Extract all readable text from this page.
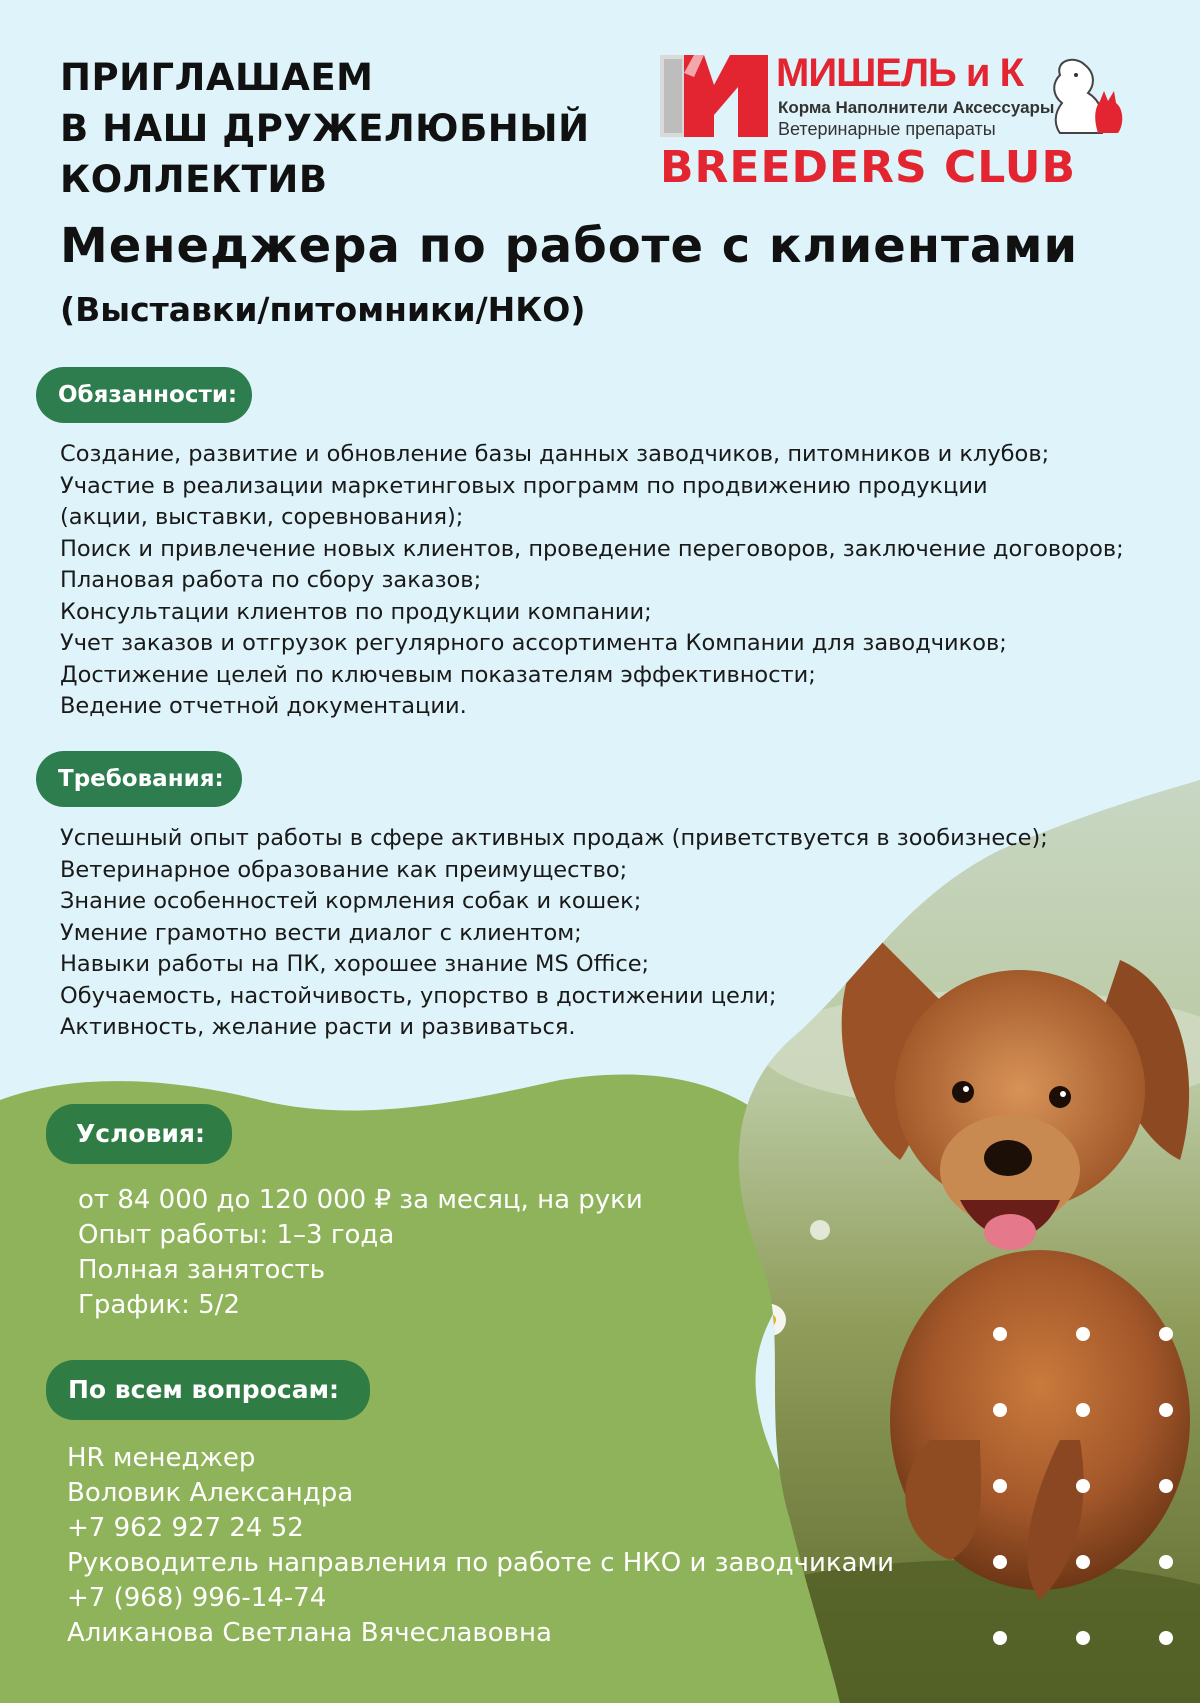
ПРИГЛАШАЕМ
В НАШ ДРУЖЕЛЮБНЫЙ
КОЛЛЕКТИВ
Менеджера по работе с клиентами
(Выставки/питомники/НКО)
МИШЕЛЬ и К
Корма Наполнители Аксессуары
Ветеринарные препараты
BREEDERS CLUB
Обязанности:
Создание, развитие и обновление базы данных заводчиков, питомников и клубов;
Участие в реализации маркетинговых программ по продвижению продукции
(акции, выставки, соревнования);
Поиск и привлечение новых клиентов, проведение переговоров, заключение договоров;
Плановая работа по сбору заказов;
Консультации клиентов по продукции компании;
Учет заказов и отгрузок регулярного ассортимента Компании для заводчиков;
Достижение целей по ключевым показателям эффективности;
Ведение отчетной документации.
Требования:
Успешный опыт работы в сфере активных продаж (приветствуется в зообизнесе);
Ветеринарное образование как преимущество;
Знание особенностей кормления собак и кошек;
Умение грамотно вести диалог с клиентом;
Навыки работы на ПК, хорошее знание MS Office;
Обучаемость, настойчивость, упорство в достижении цели;
Активность, желание расти и развиваться.
Условия:
от 84 000 до 120 000 ₽ за месяц, на руки
Опыт работы: 1–3 года
Полная занятость
График: 5/2
По всем вопросам:
HR менеджер
Воловик Александра
+7 962 927 24 52
Руководитель направления по работе с НКО и заводчиками
+7 (968) 996-14-74
Аликанова Светлана Вячеславовна
